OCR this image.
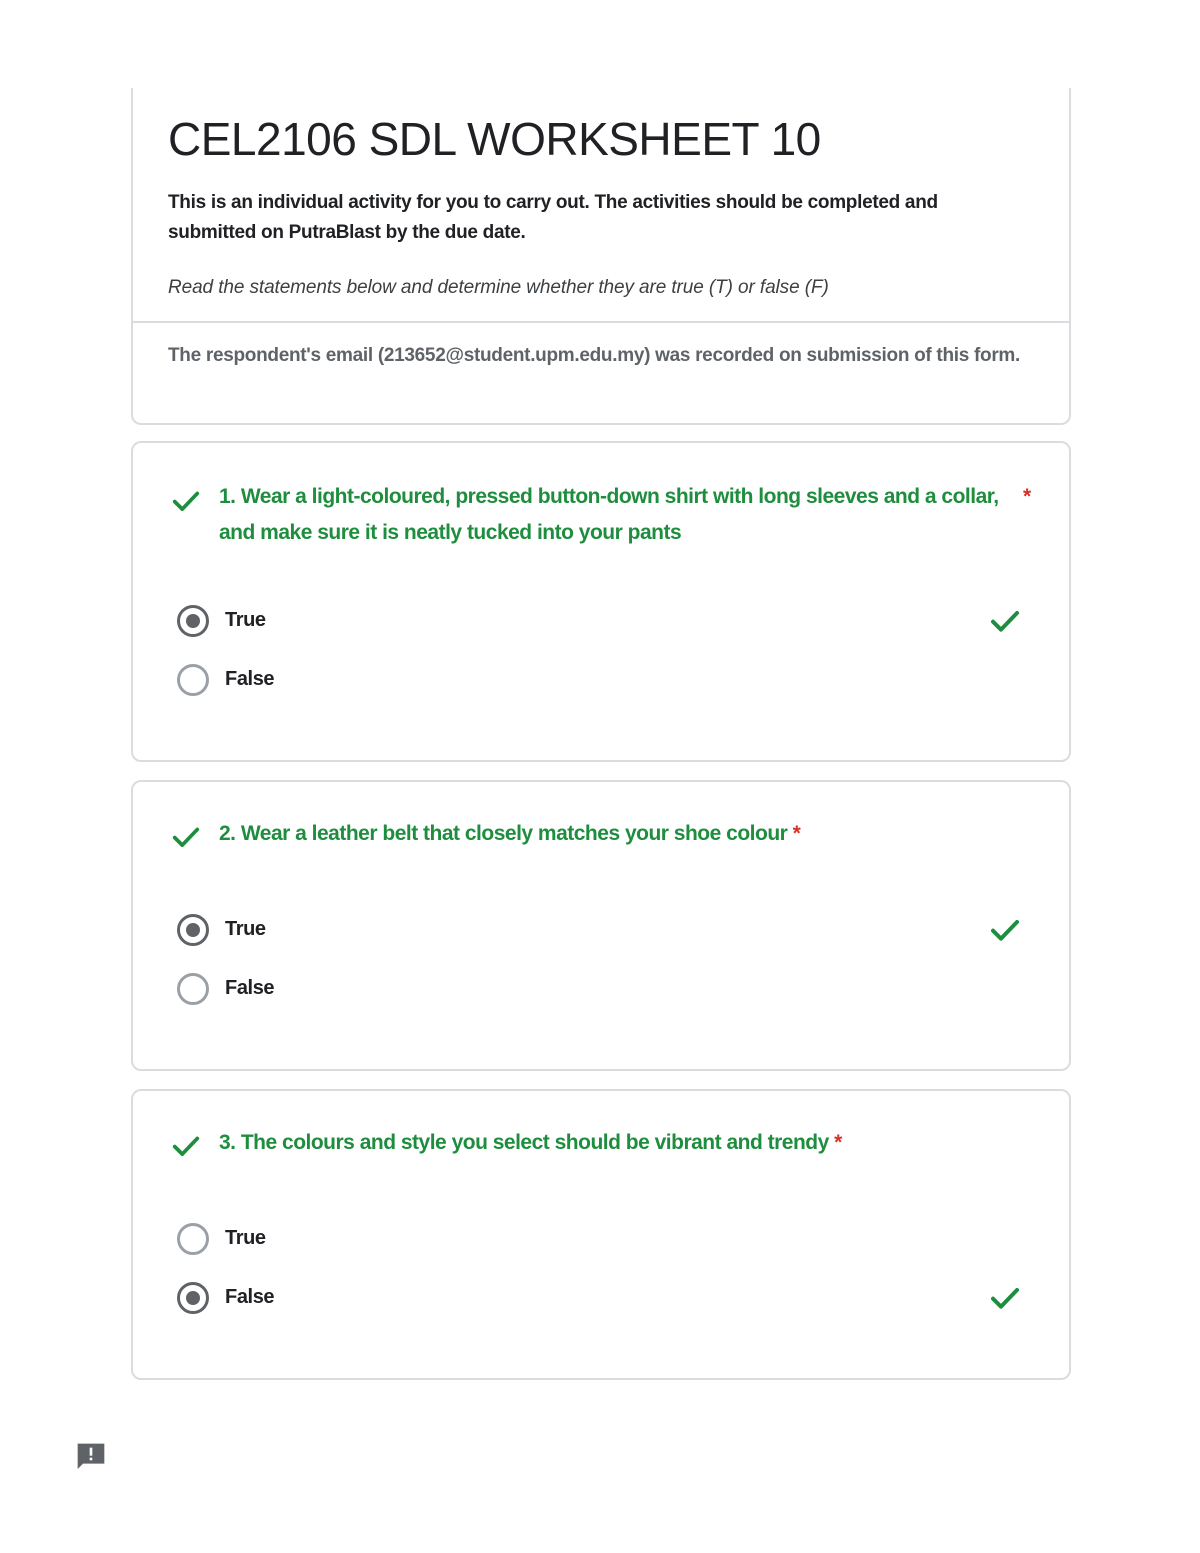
CEL2106 SDL WORKSHEET 10
This is an individual activity for you to carry out. The activities should be completed and submitted on PutraBlast by the due date.
Read the statements below and determine whether they are true (T) or false (F)
The respondent's email (213652@student.upm.edu.my) was recorded on submission of this form.
1. Wear a light-coloured, pressed button-down shirt with long sleeves and a collar, and make sure it is neatly tucked into your pants
*
True
False
2. Wear a leather belt that closely matches your shoe colour *
True
False
3. The colours and style you select should be vibrant and trendy *
True
False
